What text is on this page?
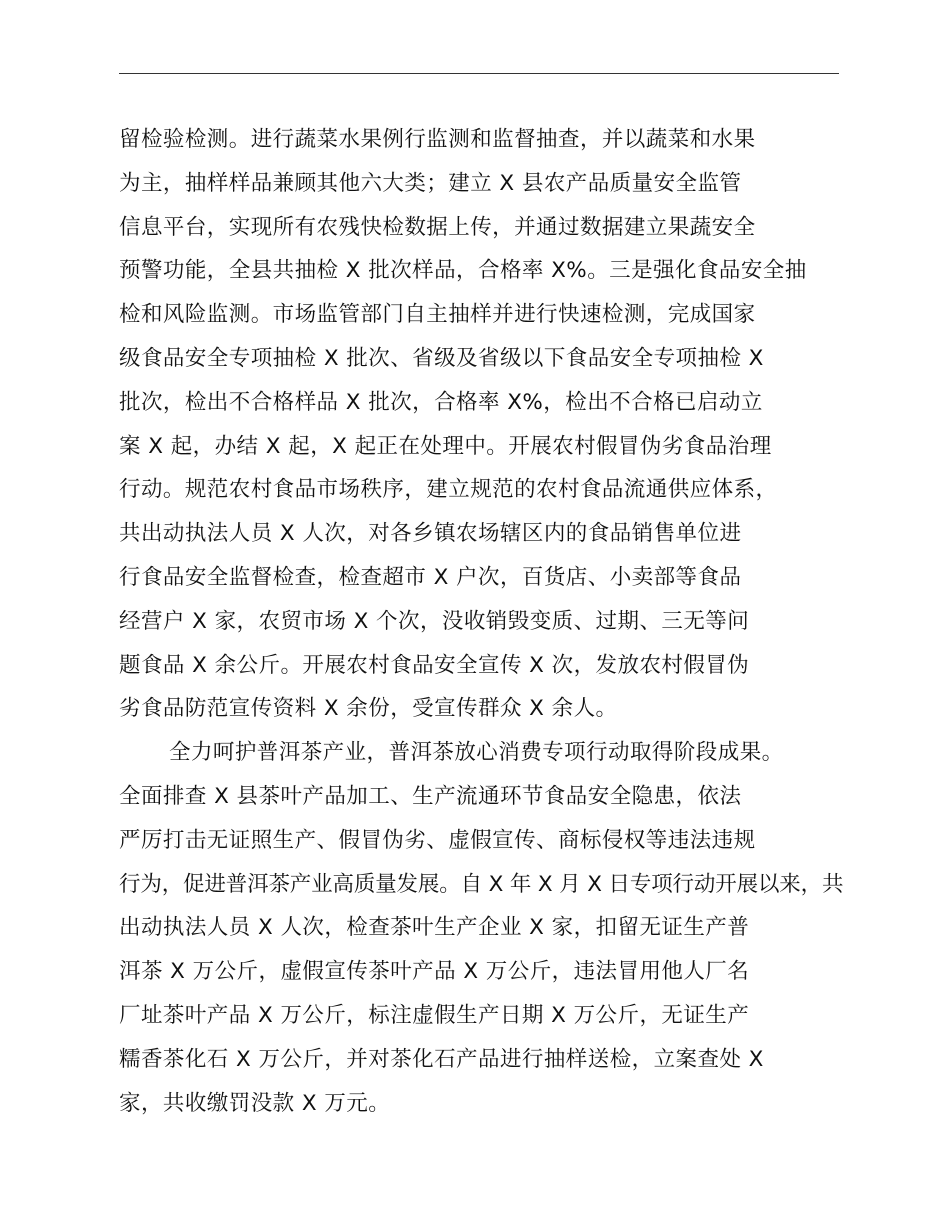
留检验检测。进行蔬菜水果例行监测和监督抽查，并以蔬菜和水果
为主，抽样样品兼顾其他六大类；建立 X 县农产品质量安全监管
信息平台，实现所有农残快检数据上传，并通过数据建立果蔬安全
预警功能，全县共抽检 X 批次样品，合格率 X%。三是强化食品安全抽
检和风险监测。市场监管部门自主抽样并进行快速检测，完成国家
级食品安全专项抽检 X 批次、省级及省级以下食品安全专项抽检 X
批次，检出不合格样品 X 批次，合格率 X%，检出不合格已启动立
案 X 起，办结 X 起，X 起正在处理中。开展农村假冒伪劣食品治理
行动。规范农村食品市场秩序，建立规范的农村食品流通供应体系，
共出动执法人员 X 人次，对各乡镇农场辖区内的食品销售单位进
行食品安全监督检查，检查超市 X 户次，百货店、小卖部等食品
经营户 X 家，农贸市场 X 个次，没收销毁变质、过期、三无等问
题食品 X 余公斤。开展农村食品安全宣传 X 次，发放农村假冒伪
劣食品防范宣传资料 X 余份，受宣传群众 X 余人。
全力呵护普洱茶产业，普洱茶放心消费专项行动取得阶段成果。
全面排查 X 县茶叶产品加工、生产流通环节食品安全隐患，依法
严厉打击无证照生产、假冒伪劣、虚假宣传、商标侵权等违法违规
行为，促进普洱茶产业高质量发展。自 X 年 X 月 X 日专项行动开展以来，共
出动执法人员 X 人次，检查茶叶生产企业 X 家，扣留无证生产普
洱茶 X 万公斤，虚假宣传茶叶产品 X 万公斤，违法冒用他人厂名
厂址茶叶产品 X 万公斤，标注虚假生产日期 X 万公斤，无证生产
糯香茶化石 X 万公斤，并对茶化石产品进行抽样送检，立案查处 X
家，共收缴罚没款 X 万元。
